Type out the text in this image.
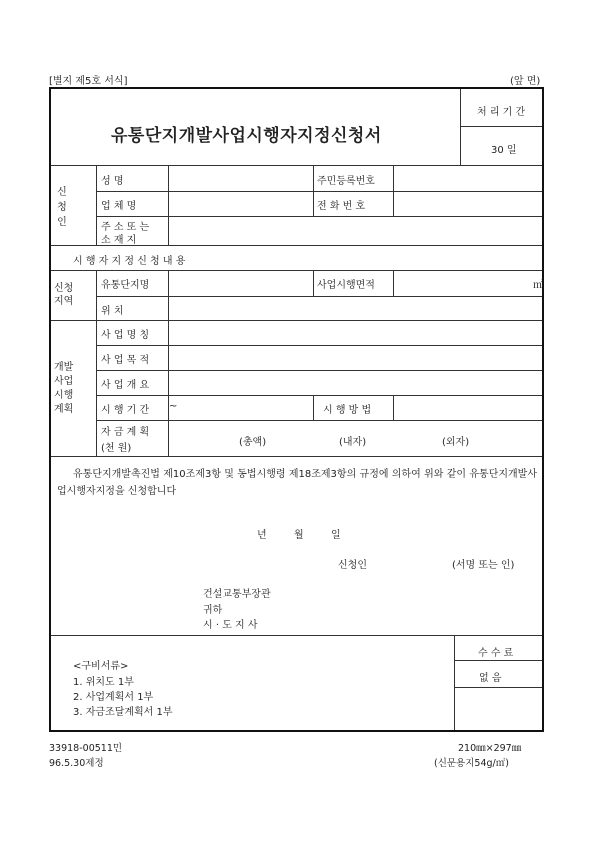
[별지 제5호 서식]	(앞 면)
유통단지개발사업시행자지정신청서
처 리 기 간
30 일
신
청
인
성 명	주민등록번호
업 체 명	전 화 번 호
주 소 또 는
소 재 지
시 행 자 지 정 신 청 내 용
신청
지역
유통단지명	사업시행면적	㎡
위 치
개발
사업
시행
계획
사 업 명 칭
사 업 목 적
사 업 개 요
시 행 기 간 ~	시 행 방 법
자 금 계 획
(천 원)
(총액)	(내자)	(외자)
유통단지개발촉진법 제10조제3항 및 동법시행령 제18조제3항의 규정에 의하여 위와 같이 유통단지개발사업시행자지정을 신청합니다
년	월	일
신청인	(서명 또는 인)
건설교통부장관
귀하
시 · 도 지 사
<구비서류>
1. 위치도 1부
2. 사업계획서 1부
3. 자금조달계획서 1부
수 수 료
없 음
33918-00511민
96.5.30제정
210㎜×297㎜
(신문용지54g/㎡)
